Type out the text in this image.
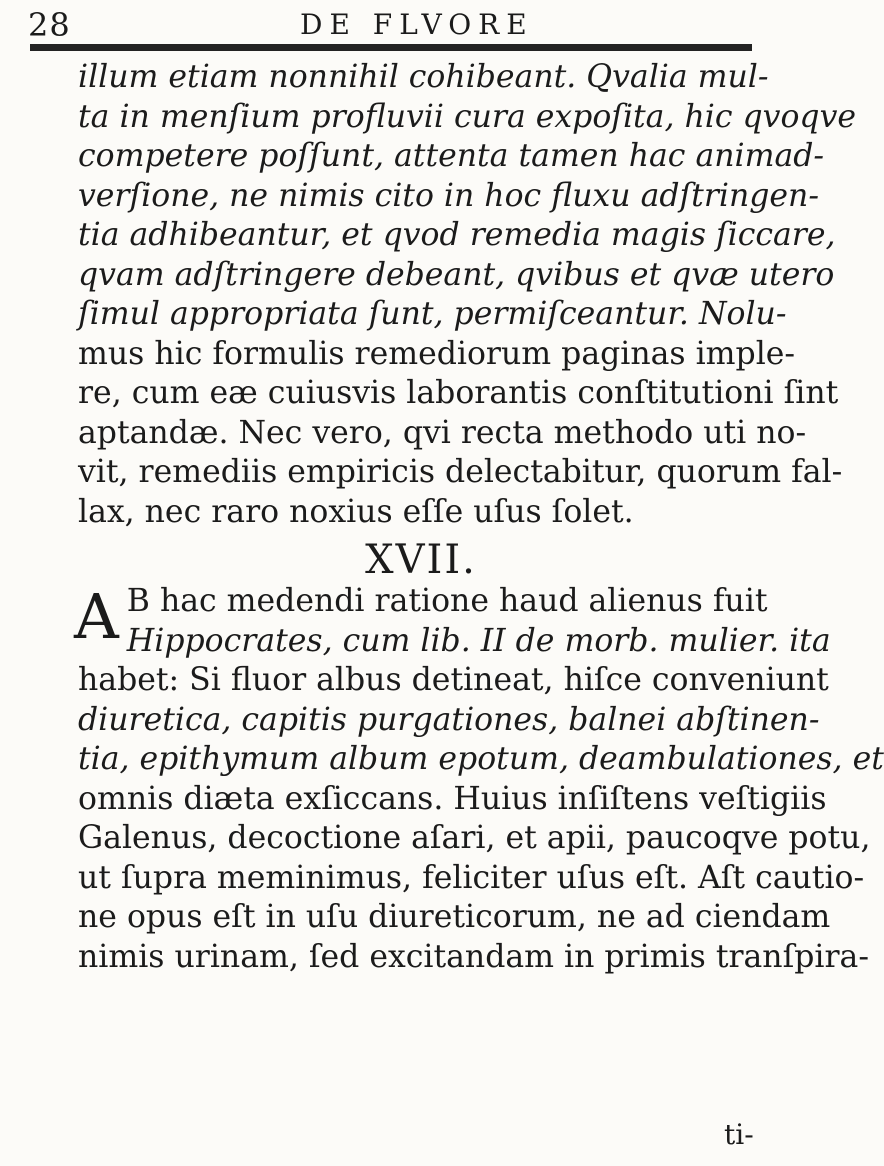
28	DE FLVORE
illum etiam nonnihil cohibeant. Qvalia mul-
ta in menſium profluvii cura expoſita, hic qvoqve
competere poſſunt, attenta tamen hac animad-
verſione, ne nimis cito in hoc fluxu adſtringen-
tia adhibeantur, et qvod remedia magis ſiccare,
qvam adſtringere debeant, qvibus et qvæ utero
ſimul appropriata ſunt, permiſceantur. Nolu-
mus hic formulis remediorum paginas imple-
re, cum eæ cuiusvis laborantis conſtitutioni ſint
aptandæ. Nec vero, qvi recta methodo uti no-
vit, remediis empiricis delectabitur, quorum fal-
lax, nec raro noxius eſſe uſus ſolet.
XVII.
A B hac medendi ratione haud alienus fuit
Hippocrates, cum lib. II de morb. mulier. ita
habet: Si fluor albus detineat, hiſce conveniunt
diuretica, capitis purgationes, balnei abſtinen-
tia, epithymum album epotum, deambulationes, et
omnis diæta exſiccans. Huius inſiſtens veſtigiis
Galenus, decoctione aſari, et apii, paucoqve potu,
ut ſupra meminimus, feliciter uſus eſt. Aſt cautio-
ne opus eſt in uſu diureticorum, ne ad ciendam
nimis urinam, ſed excitandam in primis tranſpira-
ti-
